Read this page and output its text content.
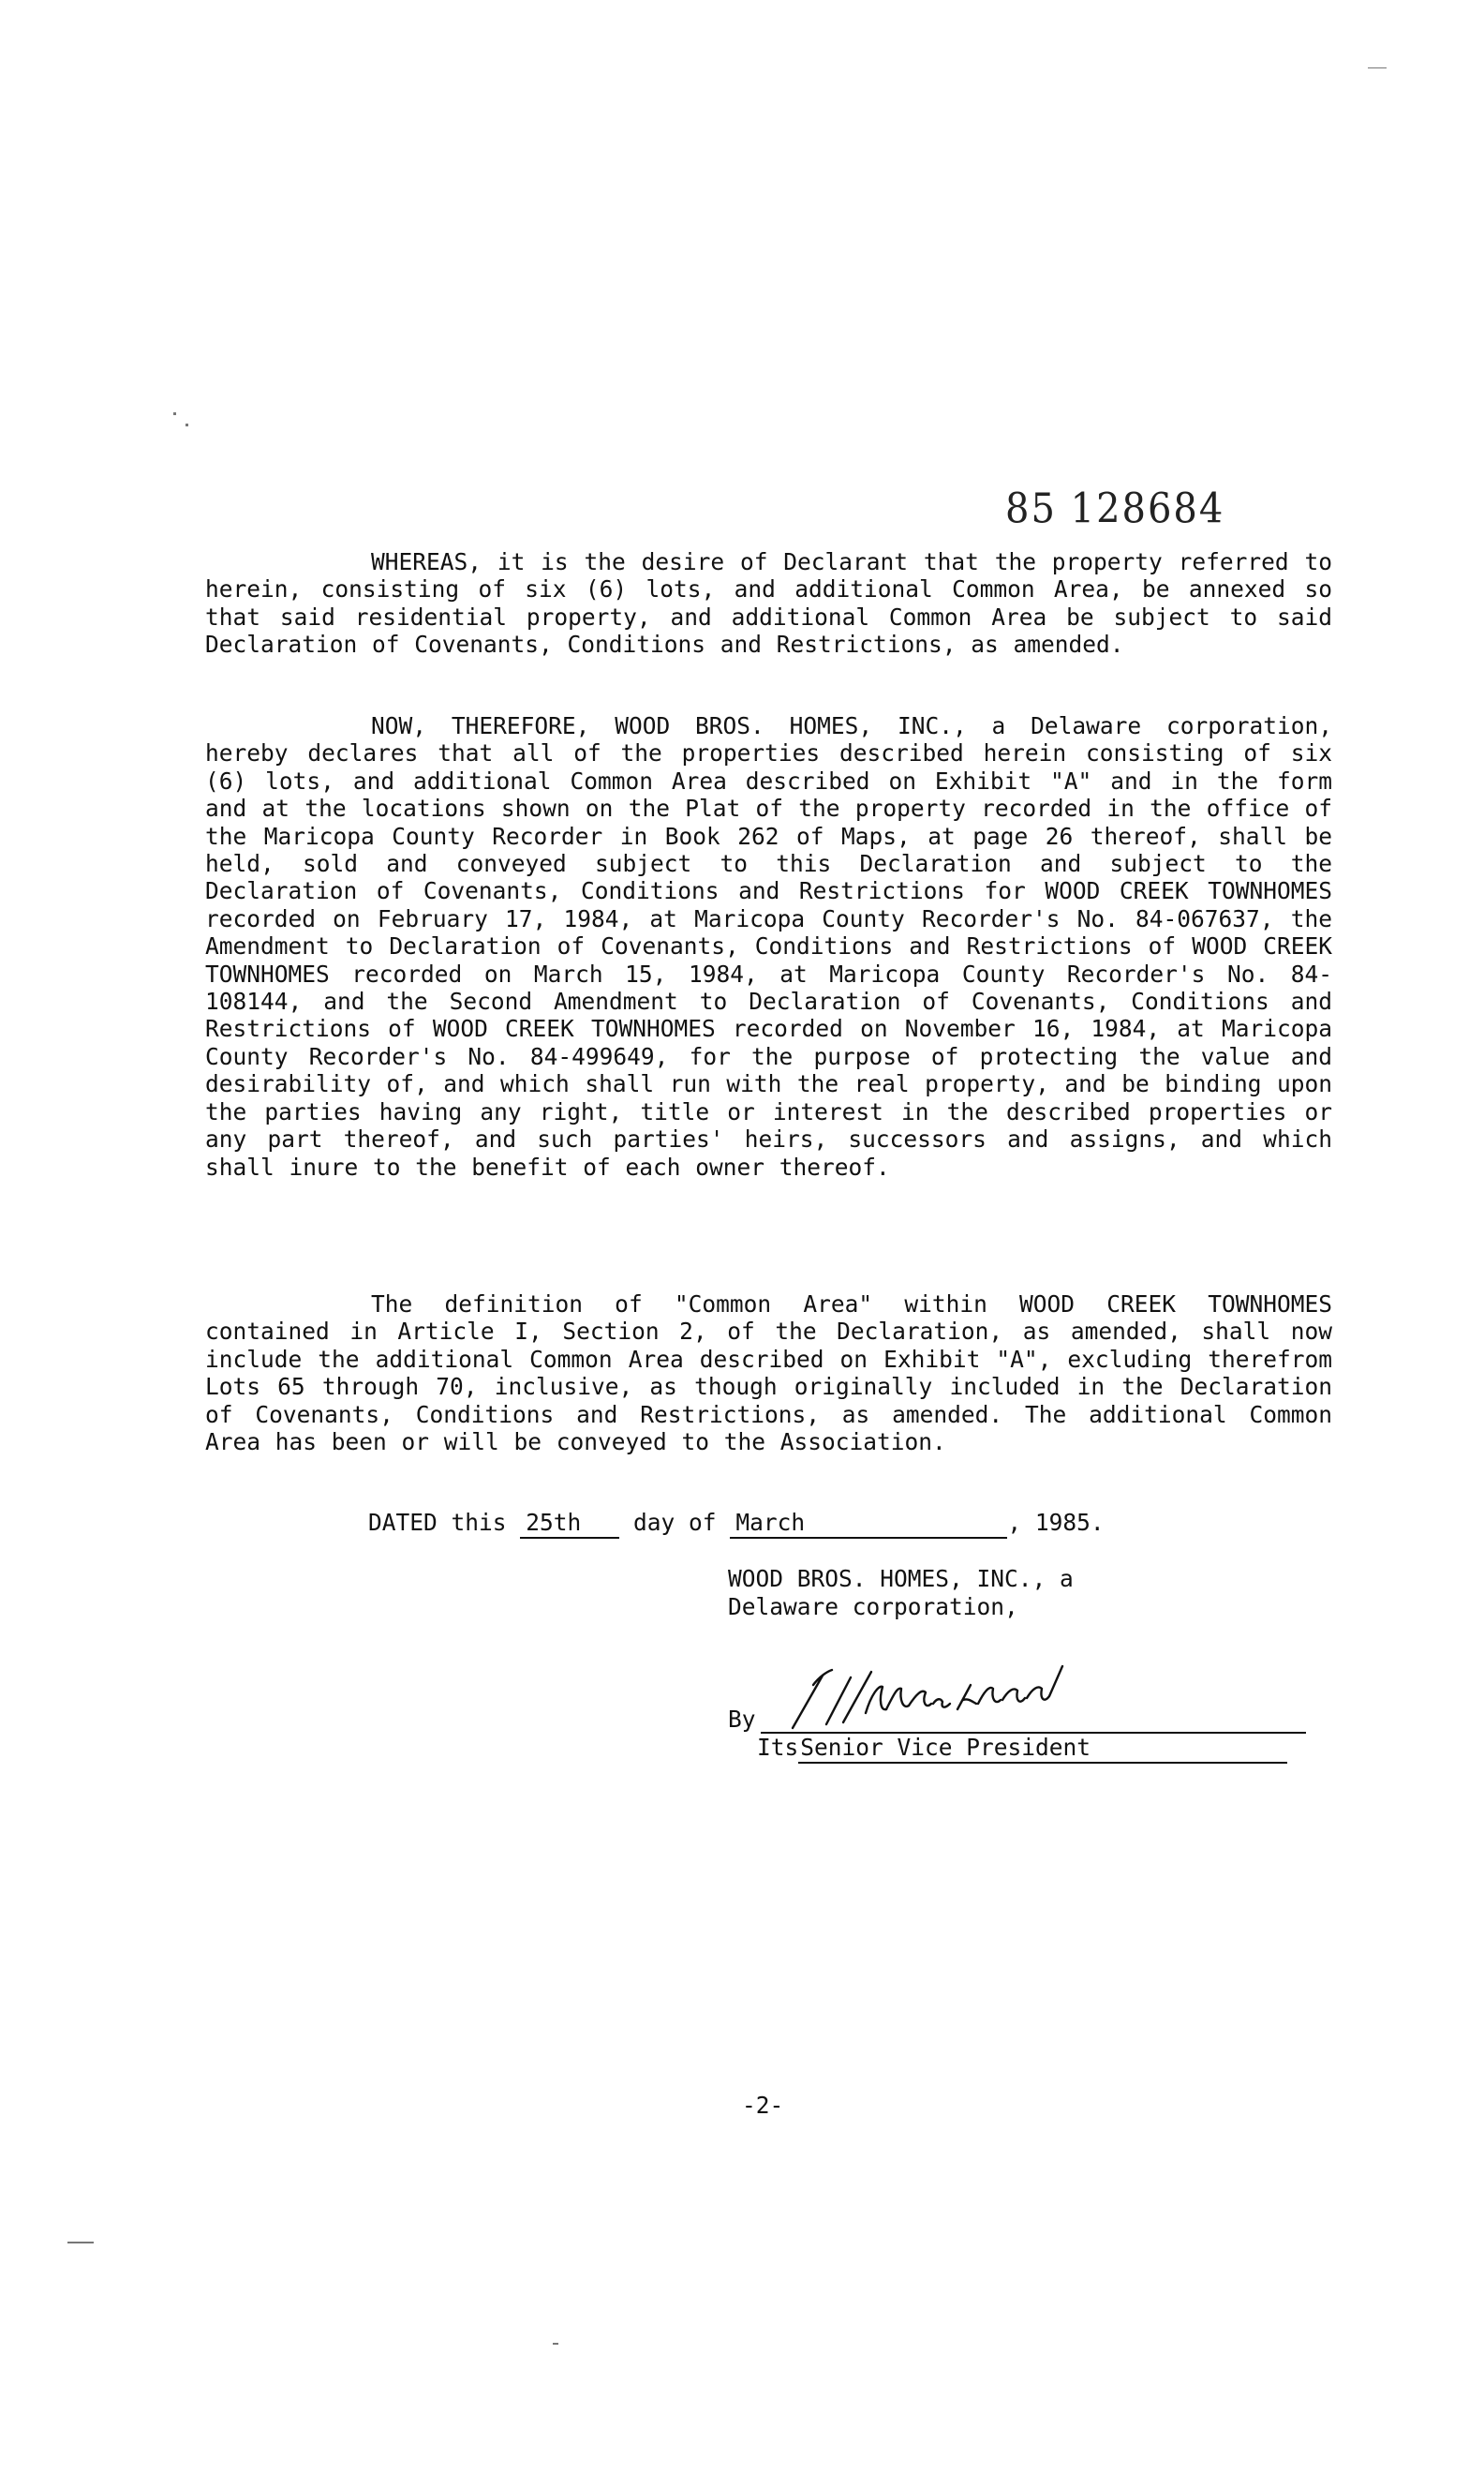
85 128684

WHEREAS, it is the desire of Declarant that the property referred to herein, consisting of six (6) lots, and additional Common Area, be annexed so that said residential property, and additional Common Area be subject to said Declaration of Covenants, Conditions and Restrictions, as amended.

NOW, THEREFORE, WOOD BROS. HOMES, INC., a Delaware corporation, hereby declares that all of the properties described herein consisting of six (6) lots, and additional Common Area described on Exhibit "A" and in the form and at the locations shown on the Plat of the property recorded in the office of the Maricopa County Recorder in Book 262 of Maps, at page 26 thereof, shall be held, sold and conveyed subject to this Declaration and subject to the Declaration of Covenants, Conditions and Restrictions for WOOD CREEK TOWNHOMES recorded on February 17, 1984, at Maricopa County Recorder's No. 84-067637, the Amendment to Declaration of Covenants, Conditions and Restrictions of WOOD CREEK TOWNHOMES recorded on March 15, 1984, at Maricopa County Recorder's No. 84-108144, and the Second Amendment to Declaration of Covenants, Conditions and Restrictions of WOOD CREEK TOWNHOMES recorded on November 16, 1984, at Maricopa County Recorder's No. 84-499649, for the purpose of protecting the value and desirability of, and which shall run with the real property, and be binding upon the parties having any right, title or interest in the described properties or any part thereof, and such parties' heirs, successors and assigns, and which shall inure to the benefit of each owner thereof.

The definition of "Common Area" within WOOD CREEK TOWNHOMES contained in Article I, Section 2, of the Declaration, as amended, shall now include the additional Common Area described on Exhibit "A", excluding therefrom Lots 65 through 70, inclusive, as though originally included in the Declaration of Covenants, Conditions and Restrictions, as amended. The additional Common Area has been or will be conveyed to the Association.

DATED this 25th day of March	, 1985.
WOOD BROS. HOMES, INC., a
Delaware corporation,
By
ItsSenior Vice President
-2-
